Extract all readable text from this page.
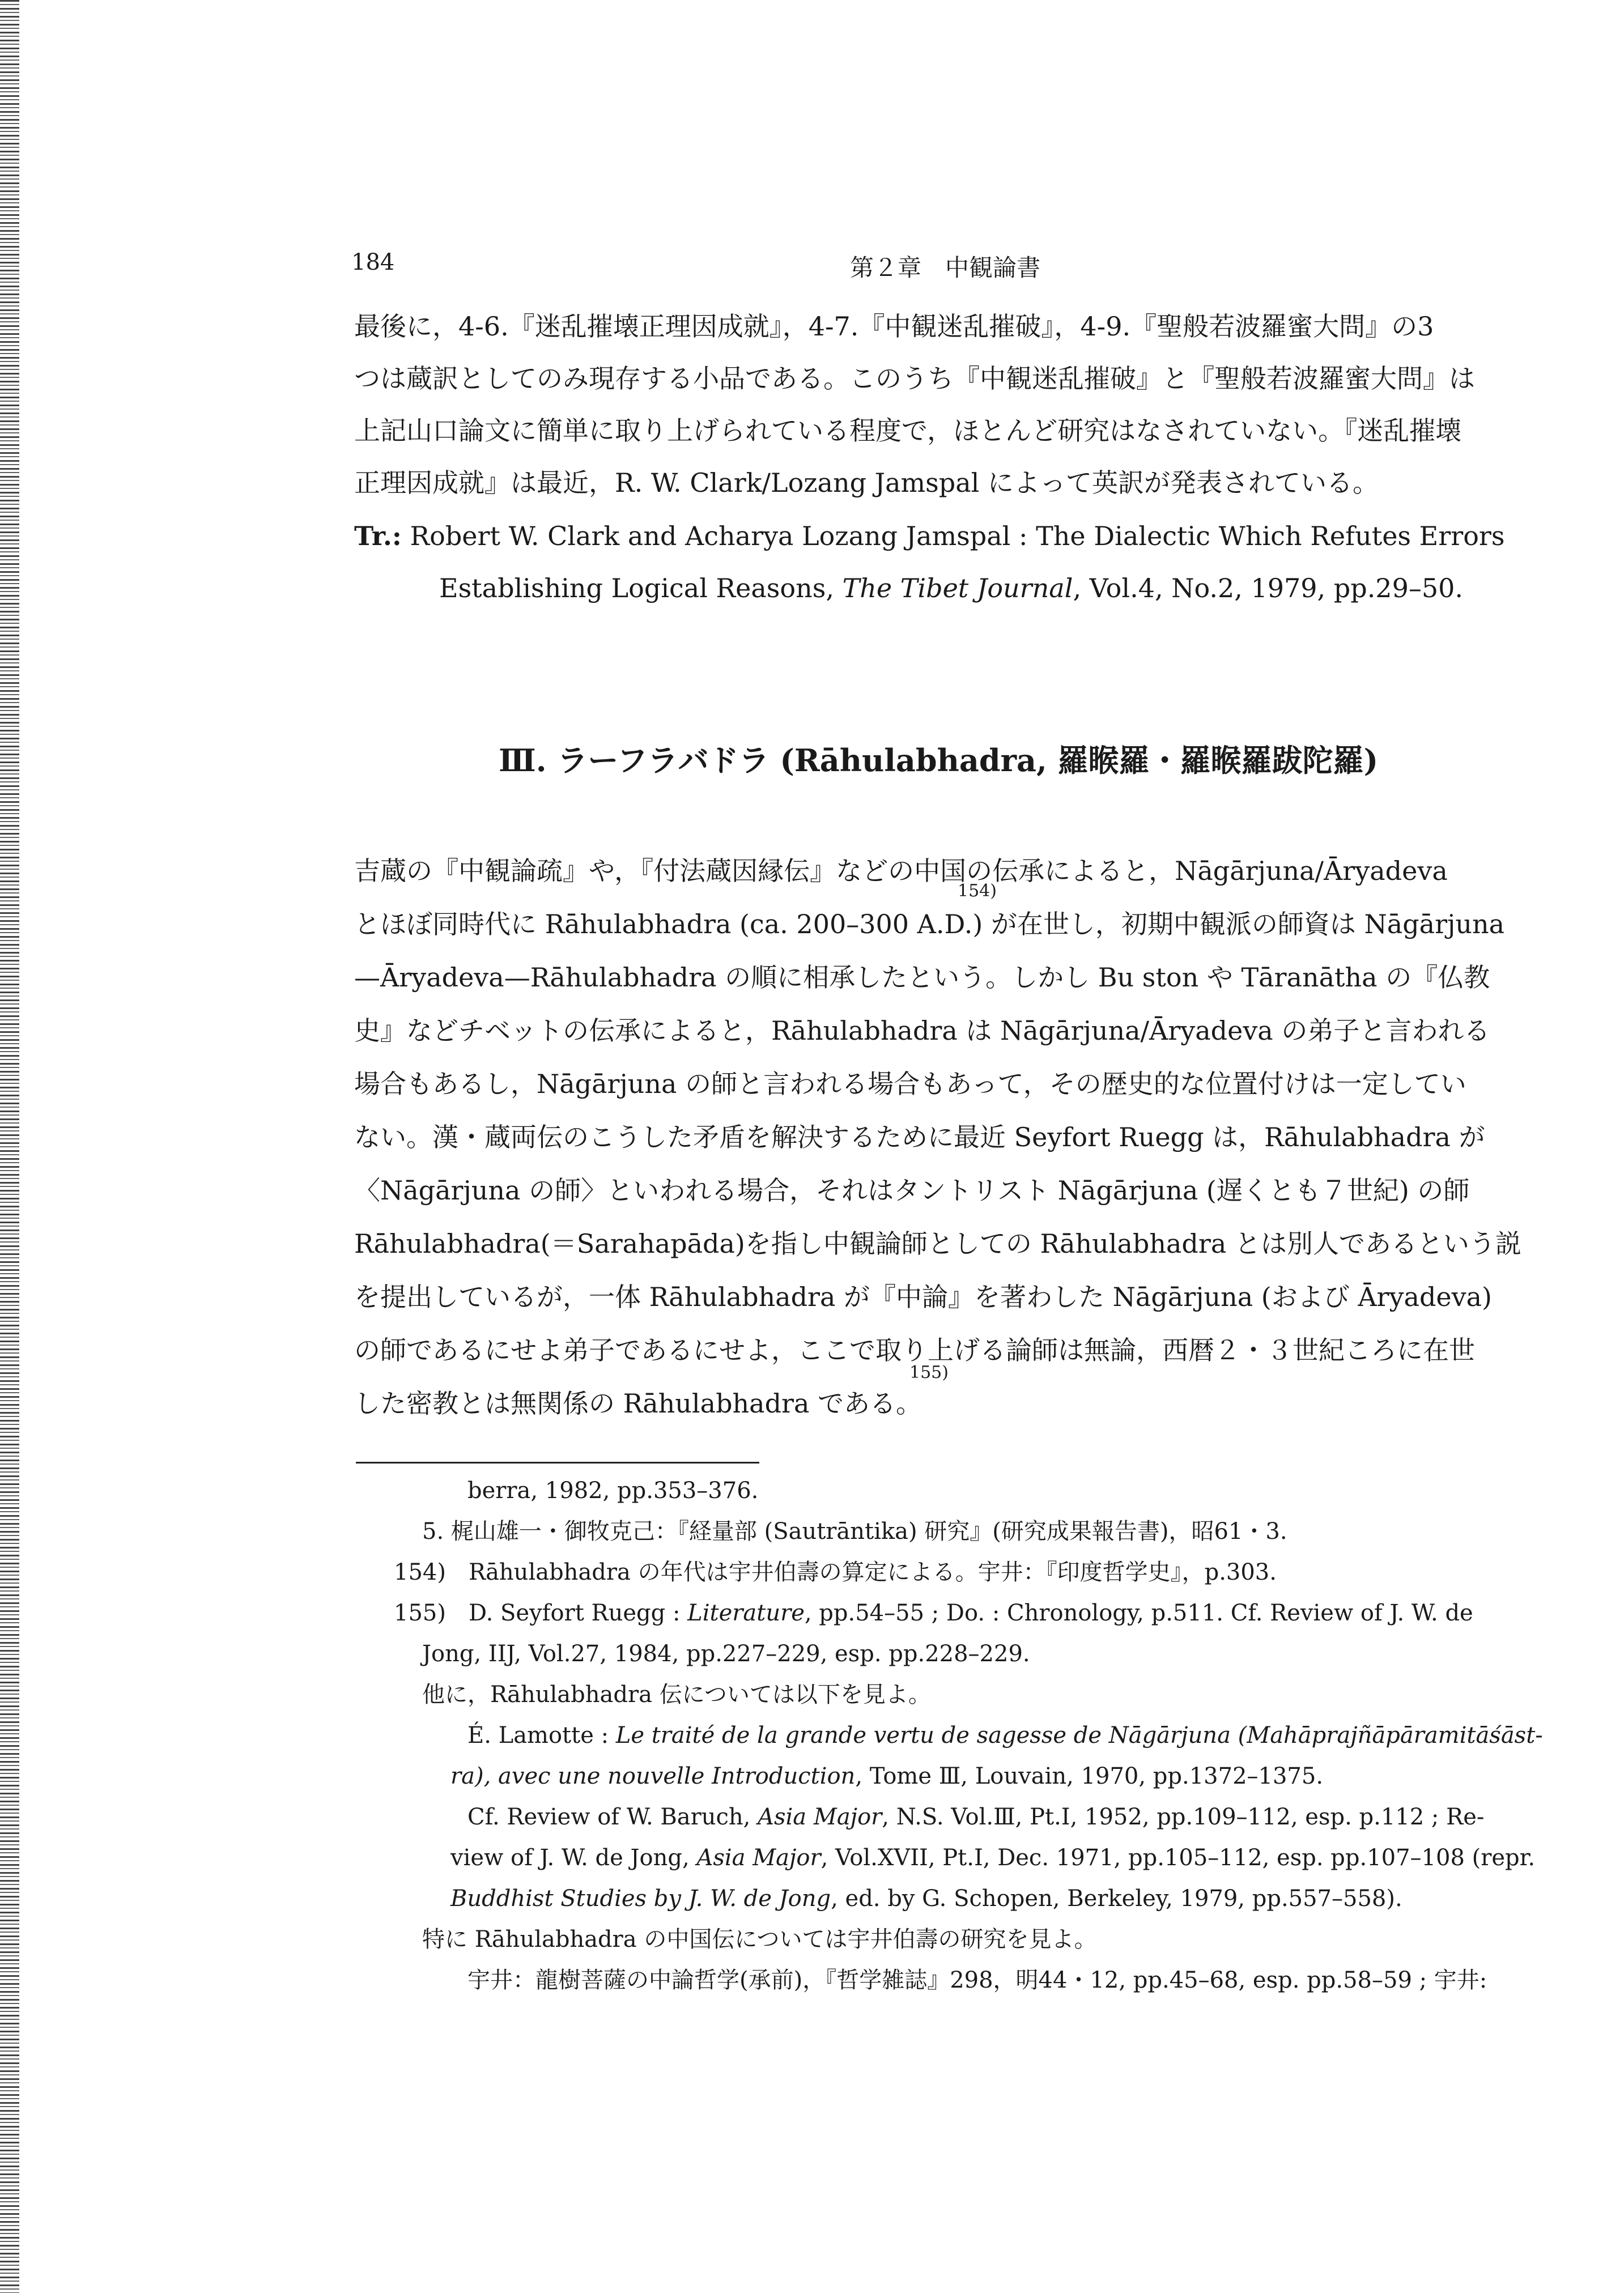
184	第２章　中観論書
最後に，4-6.『迷乱摧壊正理因成就』，4-7.『中観迷乱摧破』，4-9.『聖般若波羅蜜大問』の3
つは蔵訳としてのみ現存する小品である。このうち『中観迷乱摧破』と『聖般若波羅蜜大問』は
上記山口論文に簡単に取り上げられている程度で，ほとんど研究はなされていない。『迷乱摧壊
正理因成就』は最近，R. W. Clark/Lozang Jamspal によって英訳が発表されている。
Tr.: Robert W. Clark and Acharya Lozang Jamspal : The Dialectic Which Refutes Errors
Establishing Logical Reasons, The Tibet Journal, Vol.4, No.2, 1979, pp.29–50.
Ⅲ. ラーフラバドラ (Rāhulabhadra, 羅睺羅・羅睺羅跋陀羅)
吉蔵の『中観論疏』や，『付法蔵因縁伝』などの中国の伝承によると，Nāgārjuna/Āryadeva
とほぼ同時代に Rāhulabhadra (ca. 200–300 A.D.) が在世し，初期中観派の師資は Nāgārjuna
—Āryadeva—Rāhulabhadra の順に相承したという。しかし Bu ston や Tāranātha の『仏教
史』などチベットの伝承によると，Rāhulabhadra は Nāgārjuna/Āryadeva の弟子と言われる
場合もあるし，Nāgārjuna の師と言われる場合もあって，その歴史的な位置付けは一定してい
ない。漢・蔵両伝のこうした矛盾を解決するために最近 Seyfort Ruegg は，Rāhulabhadra が
〈Nāgārjuna の師〉といわれる場合，それはタントリスト Nāgārjuna (遅くとも７世紀) の師
Rāhulabhadra(＝Sarahapāda)を指し中観論師としての Rāhulabhadra とは別人であるという説
を提出しているが，一体 Rāhulabhadra が『中論』を著わした Nāgārjuna (および Āryadeva)
の師であるにせよ弟子であるにせよ，ここで取り上げる論師は無論，西暦２・３世紀ころに在世
した密教とは無関係の Rāhulabhadra である。
154)
155)
berra, 1982, pp.353–376.
5. 梶山雄一・御牧克己：『経量部 (Sautrāntika) 研究』(研究成果報告書)，昭61・3.
154)　Rāhulabhadra の年代は宇井伯壽の算定による。宇井：『印度哲学史』，p.303.
155)　D. Seyfort Ruegg : Literature, pp.54–55 ; Do. : Chronology, p.511. Cf. Review of J. W. de
Jong, IIJ, Vol.27, 1984, pp.227–229, esp. pp.228–229.
他に，Rāhulabhadra 伝については以下を見よ。
É. Lamotte : Le traité de la grande vertu de sagesse de Nāgārjuna (Mahāprajñāpāramitāśāst-
ra), avec une nouvelle Introduction, Tome Ⅲ, Louvain, 1970, pp.1372–1375.
Cf. Review of W. Baruch, Asia Major, N.S. Vol.Ⅲ, Pt.I, 1952, pp.109–112, esp. p.112 ; Re-
view of J. W. de Jong, Asia Major, Vol.XVII, Pt.I, Dec. 1971, pp.105–112, esp. pp.107–108 (repr.
Buddhist Studies by J. W. de Jong, ed. by G. Schopen, Berkeley, 1979, pp.557–558).
特に Rāhulabhadra の中国伝については宇井伯壽の研究を見よ。
宇井：龍樹菩薩の中論哲学(承前)，『哲学雑誌』298，明44・12, pp.45–68, esp. pp.58–59 ; 宇井:
